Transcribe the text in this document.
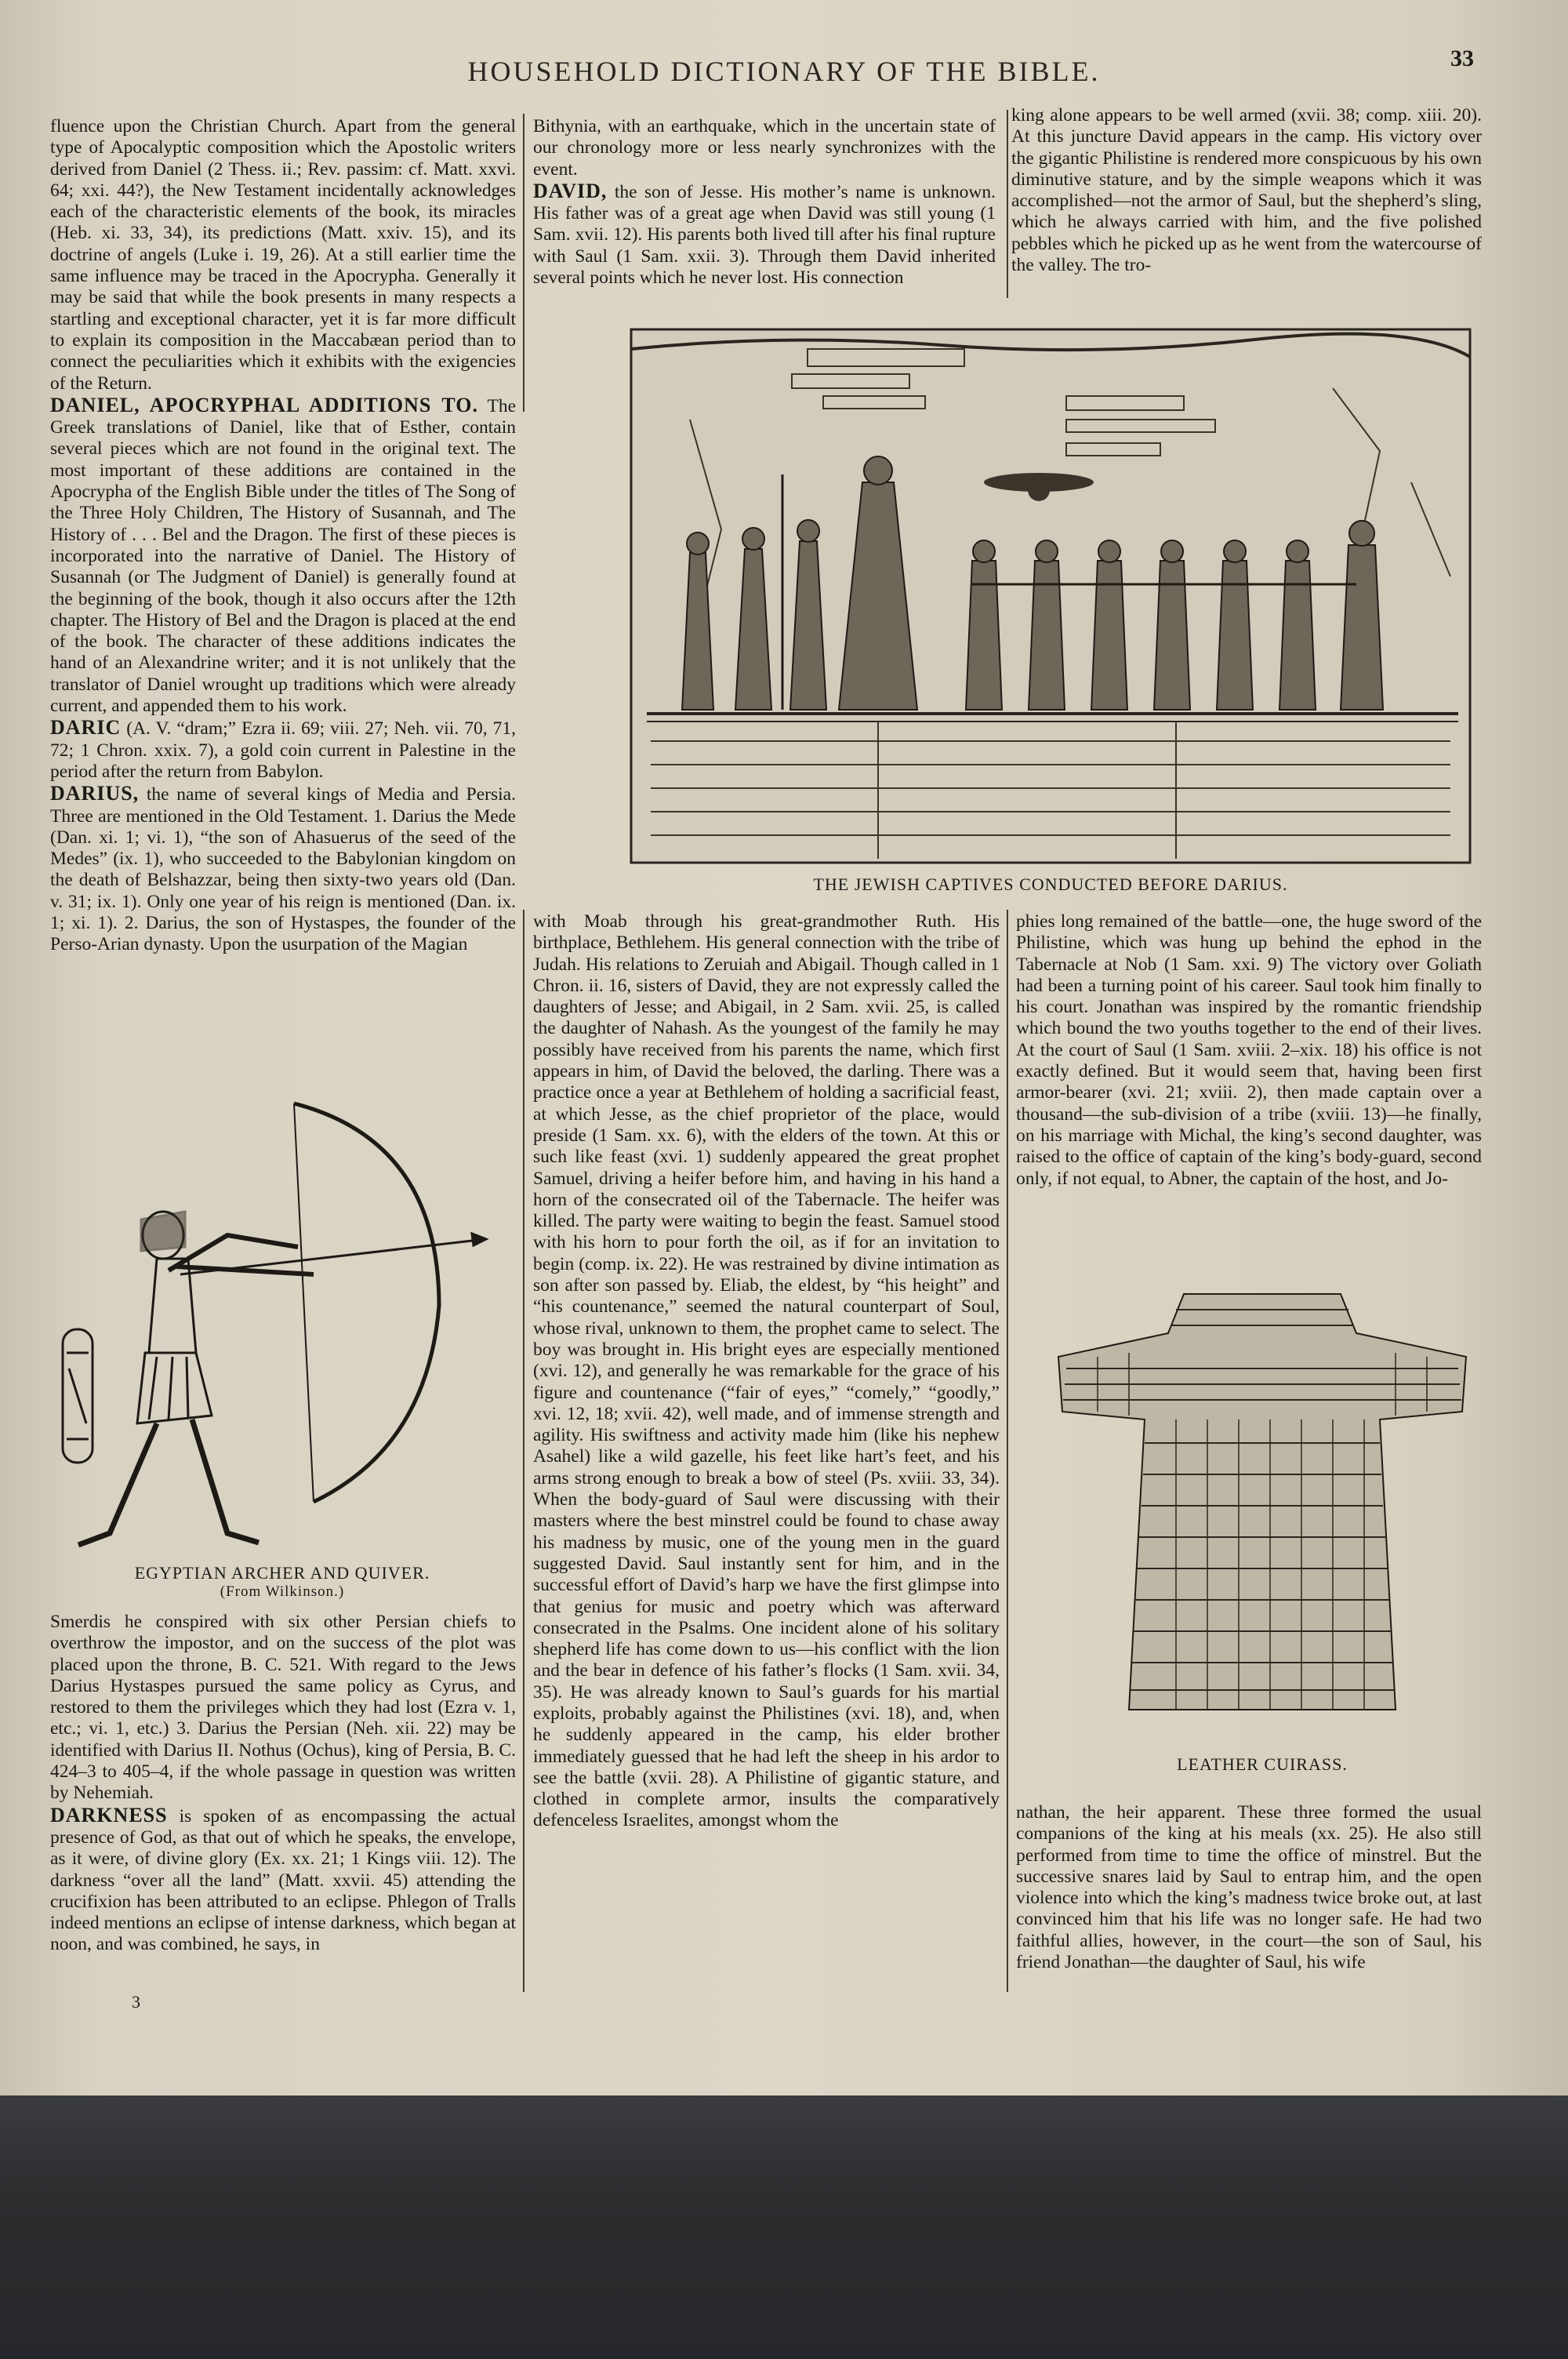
HOUSEHOLD DICTIONARY OF THE BIBLE.	33

fluence upon the Christian Church. Apart from the general type of Apocalyptic composition which the Apostolic writers derived from Daniel (2 Thess. ii.; Rev. passim: cf. Matt. xxvi. 64; xxi. 44?), the New Testament incidentally acknowledges each of the characteristic elements of the book, its miracles (Heb. xi. 33, 34), its predictions (Matt. xxiv. 15), and its doctrine of angels (Luke i. 19, 26). At a still earlier time the same influence may be traced in the Apocrypha. Generally it may be said that while the book presents in many respects a startling and exceptional character, yet it is far more difficult to explain its composition in the Maccabæan period than to connect the peculiarities which it exhibits with the exigencies of the Return.

DANIEL, APOCRYPHAL ADDITIONS TO. The Greek translations of Daniel, like that of Esther, contain several pieces which are not found in the original text. The most important of these additions are contained in the Apocrypha of the English Bible under the titles of The Song of the Three Holy Children, The History of Susannah, and The History of . . . Bel and the Dragon. The first of these pieces is incorporated into the narrative of Daniel. The History of Susannah (or The Judgment of Daniel) is generally found at the beginning of the book, though it also occurs after the 12th chapter. The History of Bel and the Dragon is placed at the end of the book. The character of these additions indicates the hand of an Alexandrine writer; and it is not unlikely that the translator of Daniel wrought up traditions which were already current, and appended them to his work.

DARIC (A. V. “dram;” Ezra ii. 69; viii. 27; Neh. vii. 70, 71, 72; 1 Chron. xxix. 7), a gold coin current in Palestine in the period after the return from Babylon.

DARIUS, the name of several kings of Media and Persia. Three are mentioned in the Old Testament. 1. Darius the Mede (Dan. xi. 1; vi. 1), “the son of Ahasuerus of the seed of the Medes” (ix. 1), who succeeded to the Babylonian kingdom on the death of Belshazzar, being then sixty-two years old (Dan. v. 31; ix. 1). Only one year of his reign is mentioned (Dan. ix. 1; xi. 1). 2. Darius, the son of Hystaspes, the founder of the Perso-Arian dynasty. Upon the usurpation of the Magian

EGYPTIAN ARCHER AND QUIVER.
(From Wilkinson.)

Smerdis he conspired with six other Persian chiefs to overthrow the impostor, and on the success of the plot was placed upon the throne, B. C. 521. With regard to the Jews Darius Hystaspes pursued the same policy as Cyrus, and restored to them the privileges which they had lost (Ezra v. 1, etc.; vi. 1, etc.) 3. Darius the Persian (Neh. xii. 22) may be identified with Darius II. Nothus (Ochus), king of Persia, B. C. 424–3 to 405–4, if the whole passage in question was written by Nehemiah.

DARKNESS is spoken of as encompassing the actual presence of God, as that out of which he speaks, the envelope, as it were, of divine glory (Ex. xx. 21; 1 Kings viii. 12). The darkness “over all the land” (Matt. xxvii. 45) attending the crucifixion has been attributed to an eclipse. Phlegon of Tralls indeed mentions an eclipse of intense darkness, which began at noon, and was combined, he says, in

3

Bithynia, with an earthquake, which in the uncertain state of our chronology more or less nearly synchronizes with the event.

DAVID, the son of Jesse. His mother’s name is unknown. His father was of a great age when David was still young (1 Sam. xvii. 12). His parents both lived till after his final rupture with Saul (1 Sam. xxii. 3). Through them David inherited several points which he never lost. His connection

king alone appears to be well armed (xvii. 38; comp. xiii. 20). At this juncture David appears in the camp. His victory over the gigantic Philistine is rendered more conspicuous by his own diminutive stature, and by the simple weapons which it was accomplished—not the armor of Saul, but the shepherd’s sling, which he always carried with him, and the five polished pebbles which he picked up as he went from the watercourse of the valley. The tro-

THE JEWISH CAPTIVES CONDUCTED BEFORE DARIUS.

with Moab through his great-grandmother Ruth. His birthplace, Bethlehem. His general connection with the tribe of Judah. His relations to Zeruiah and Abigail. Though called in 1 Chron. ii. 16, sisters of David, they are not expressly called the daughters of Jesse; and Abigail, in 2 Sam. xvii. 25, is called the daughter of Nahash. As the youngest of the family he may possibly have received from his parents the name, which first appears in him, of David the beloved, the darling. There was a practice once a year at Bethlehem of holding a sacrificial feast, at which Jesse, as the chief proprietor of the place, would preside (1 Sam. xx. 6), with the elders of the town. At this or such like feast (xvi. 1) suddenly appeared the great prophet Samuel, driving a heifer before him, and having in his hand a horn of the consecrated oil of the Tabernacle. The heifer was killed. The party were waiting to begin the feast. Samuel stood with his horn to pour forth the oil, as if for an invitation to begin (comp. ix. 22). He was restrained by divine intimation as son after son passed by. Eliab, the eldest, by “his height” and “his countenance,” seemed the natural counterpart of Soul, whose rival, unknown to them, the prophet came to select. The boy was brought in. His bright eyes are especially mentioned (xvi. 12), and generally he was remarkable for the grace of his figure and countenance (“fair of eyes,” “comely,” “goodly,” xvi. 12, 18; xvii. 42), well made, and of immense strength and agility. His swiftness and activity made him (like his nephew Asahel) like a wild gazelle, his feet like hart’s feet, and his arms strong enough to break a bow of steel (Ps. xviii. 33, 34). When the body-guard of Saul were discussing with their masters where the best minstrel could be found to chase away his madness by music, one of the young men in the guard suggested David. Saul instantly sent for him, and in the successful effort of David’s harp we have the first glimpse into that genius for music and poetry which was afterward consecrated in the Psalms. One incident alone of his solitary shepherd life has come down to us—his conflict with the lion and the bear in defence of his father’s flocks (1 Sam. xvii. 34, 35). He was already known to Saul’s guards for his martial exploits, probably against the Philistines (xvi. 18), and, when he suddenly appeared in the camp, his elder brother immediately guessed that he had left the sheep in his ardor to see the battle (xvii. 28). A Philistine of gigantic stature, and clothed in complete armor, insults the comparatively defenceless Israelites, amongst whom the

phies long remained of the battle—one, the huge sword of the Philistine, which was hung up behind the ephod in the Tabernacle at Nob (1 Sam. xxi. 9) The victory over Goliath had been a turning point of his career. Saul took him finally to his court. Jonathan was inspired by the romantic friendship which bound the two youths together to the end of their lives. At the court of Saul (1 Sam. xviii. 2–xix. 18) his office is not exactly defined. But it would seem that, having been first armor-bearer (xvi. 21; xviii. 2), then made captain over a thousand—the sub-division of a tribe (xviii. 13)—he finally, on his marriage with Michal, the king’s second daughter, was raised to the office of captain of the king’s body-guard, second only, if not equal, to Abner, the captain of the host, and Jo-

LEATHER CUIRASS.

nathan, the heir apparent. These three formed the usual companions of the king at his meals (xx. 25). He also still performed from time to time the office of minstrel. But the successive snares laid by Saul to entrap him, and the open violence into which the king’s madness twice broke out, at last convinced him that his life was no longer safe. He had two faithful allies, however, in the court—the son of Saul, his friend Jonathan—the daughter of Saul, his wife
